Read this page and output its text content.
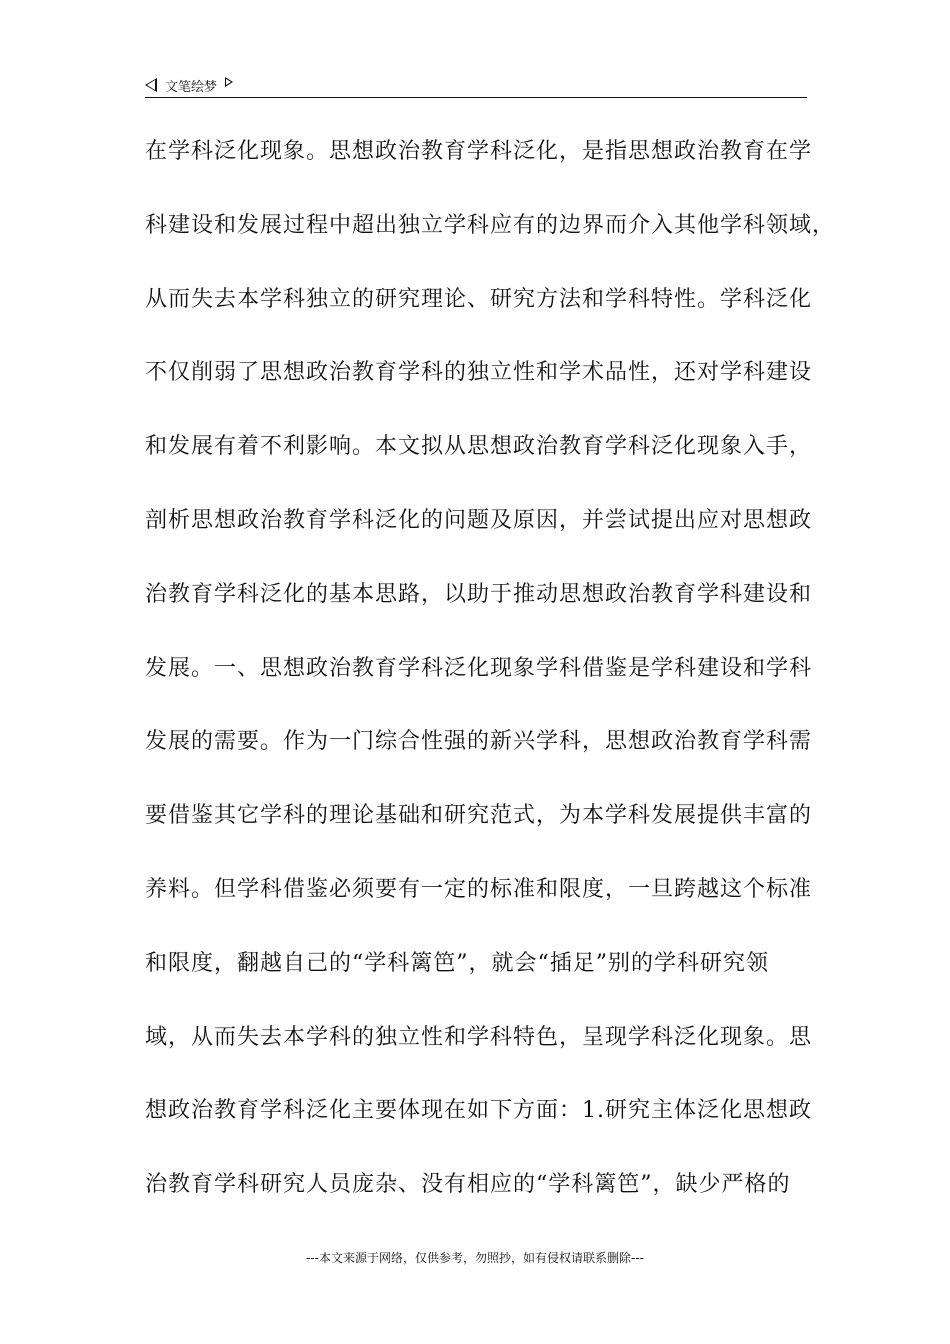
文笔绘梦
在学科泛化现象。思想政治教育学科泛化，是指思想政治教育在学
科建设和发展过程中超出独立学科应有的边界而介入其他学科领域，
从而失去本学科独立的研究理论、研究方法和学科特性。学科泛化
不仅削弱了思想政治教育学科的独立性和学术品性，还对学科建设
和发展有着不利影响。本文拟从思想政治教育学科泛化现象入手，
剖析思想政治教育学科泛化的问题及原因，并尝试提出应对思想政
治教育学科泛化的基本思路，以助于推动思想政治教育学科建设和
发展。一、思想政治教育学科泛化现象学科借鉴是学科建设和学科
发展的需要。作为一门综合性强的新兴学科，思想政治教育学科需
要借鉴其它学科的理论基础和研究范式，为本学科发展提供丰富的
养料。但学科借鉴必须要有一定的标准和限度，一旦跨越这个标准
和限度，翻越自己的“学科篱笆”，就会“插足”别的学科研究领
域，从而失去本学科的独立性和学科特色，呈现学科泛化现象。思
想政治教育学科泛化主要体现在如下方面：1.研究主体泛化思想政
治教育学科研究人员庞杂、没有相应的“学科篱笆”，缺少严格的
---本文来源于网络，仅供参考，勿照抄，如有侵权请联系删除---
